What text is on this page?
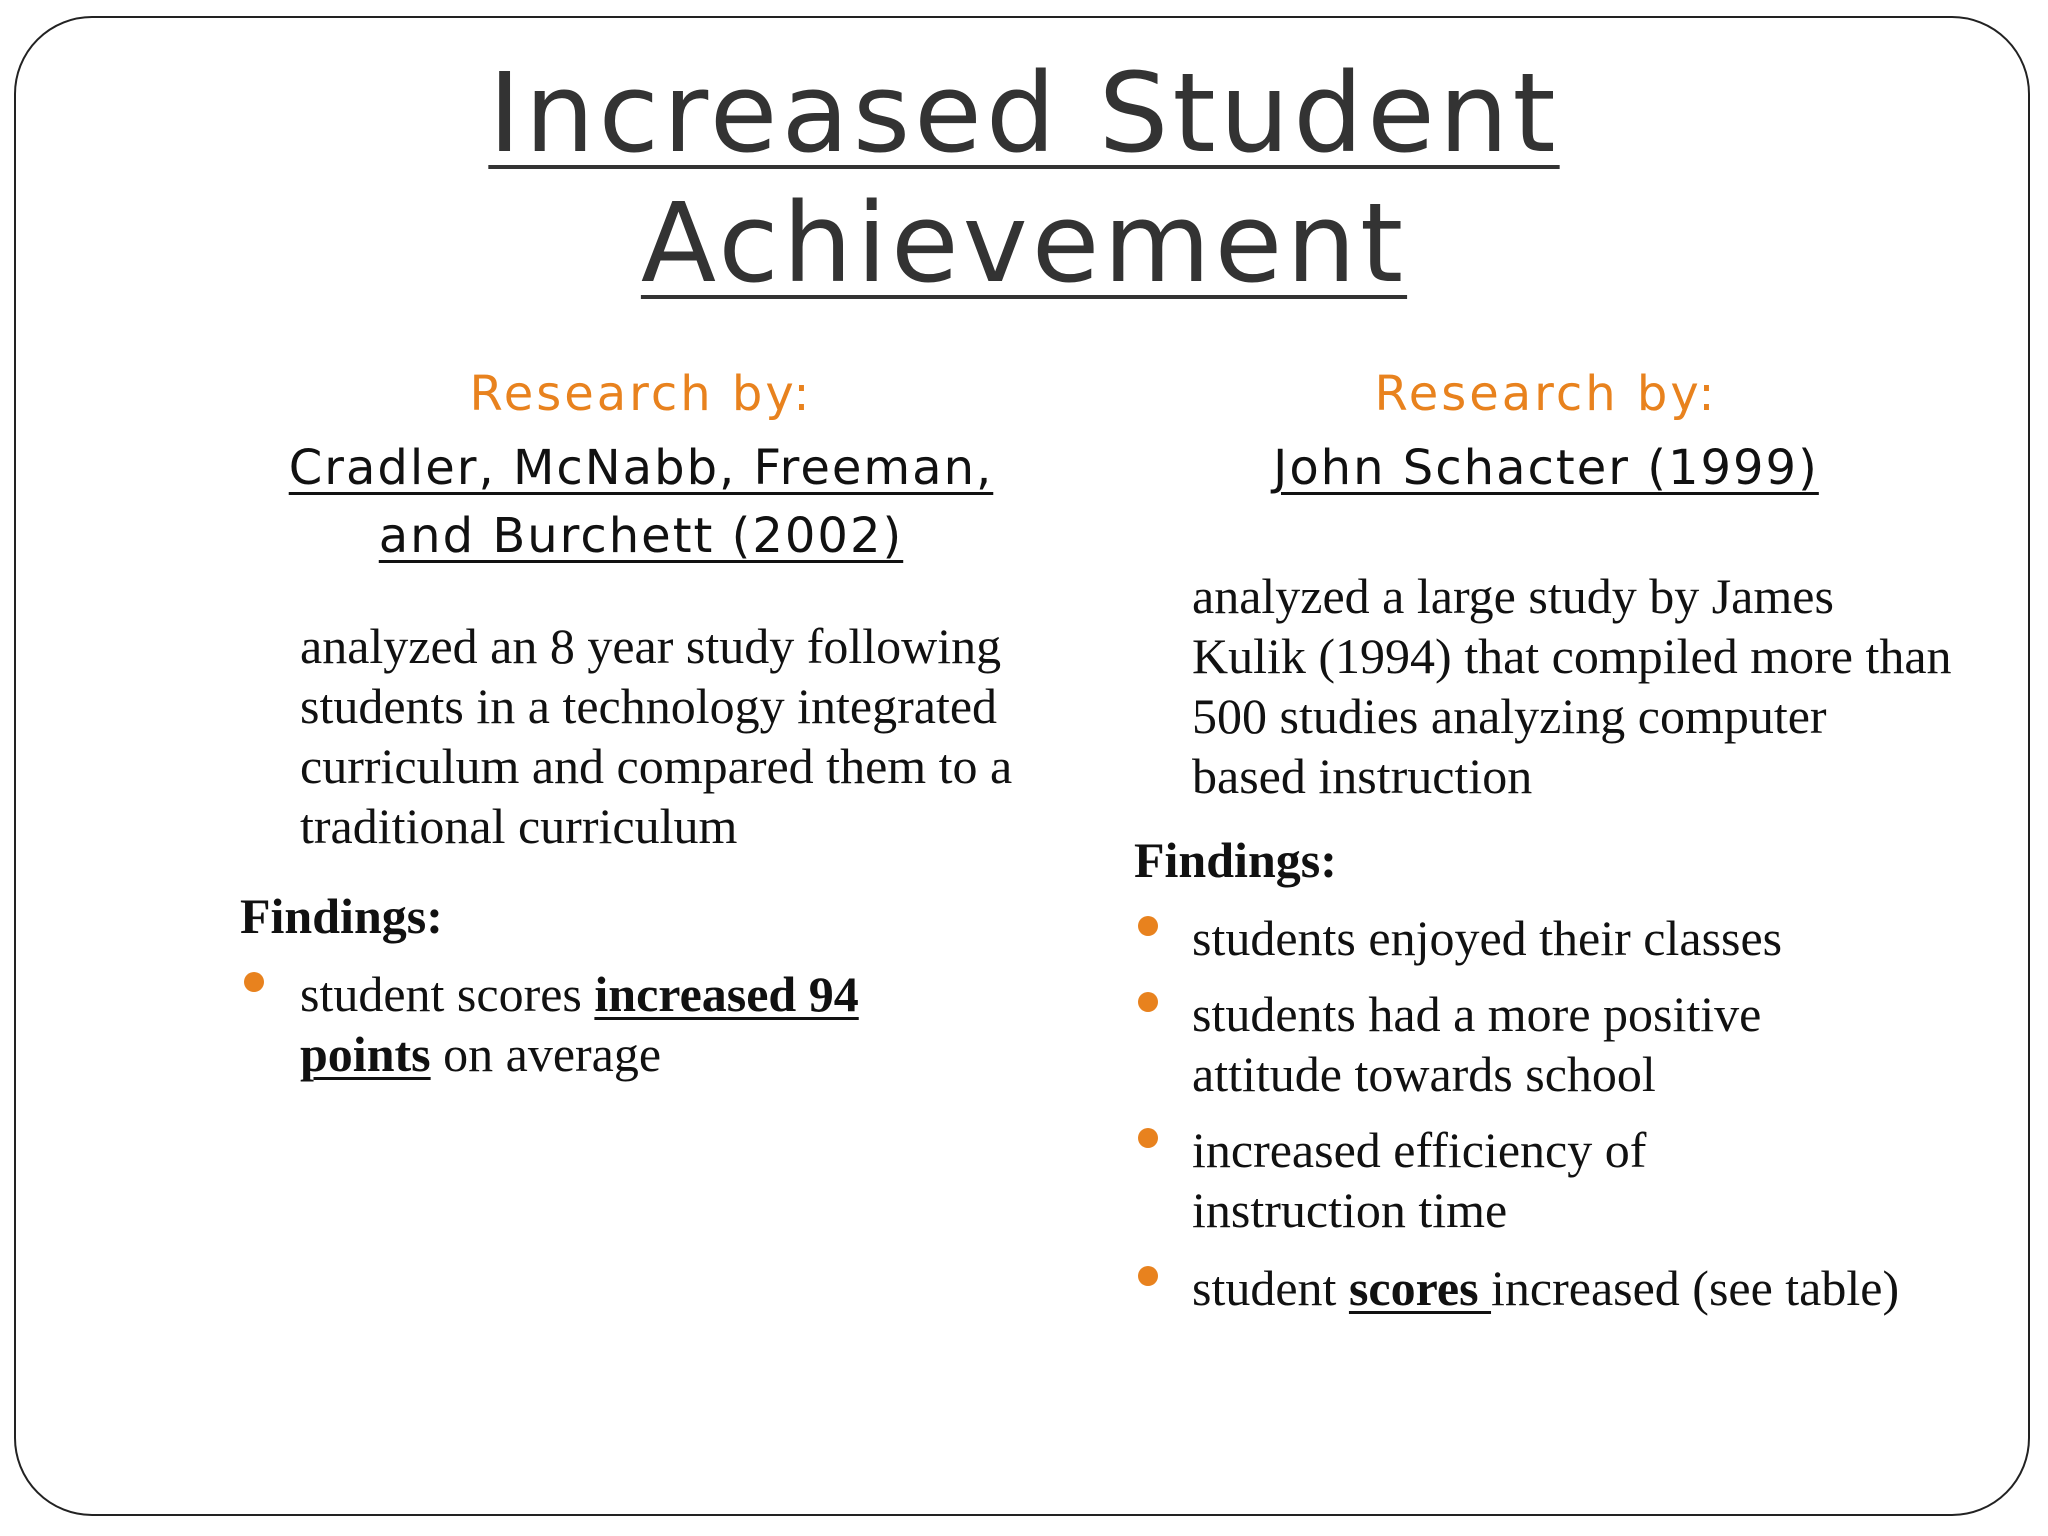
Increased Student
Achievement
Research by:
Cradler, McNabb, Freeman,
and Burchett (2002)
analyzed an 8 year study following students in a technology integrated curriculum and compared them to a traditional curriculum
Findings:
student scores increased 94
points on average
Research by:
John Schacter (1999)
analyzed a large study by James Kulik (1994) that compiled more than 500 studies analyzing computer based instruction
Findings:
students enjoyed their classes
students had a more positive attitude towards school
increased efficiency of instruction time
student scores increased (see table)
